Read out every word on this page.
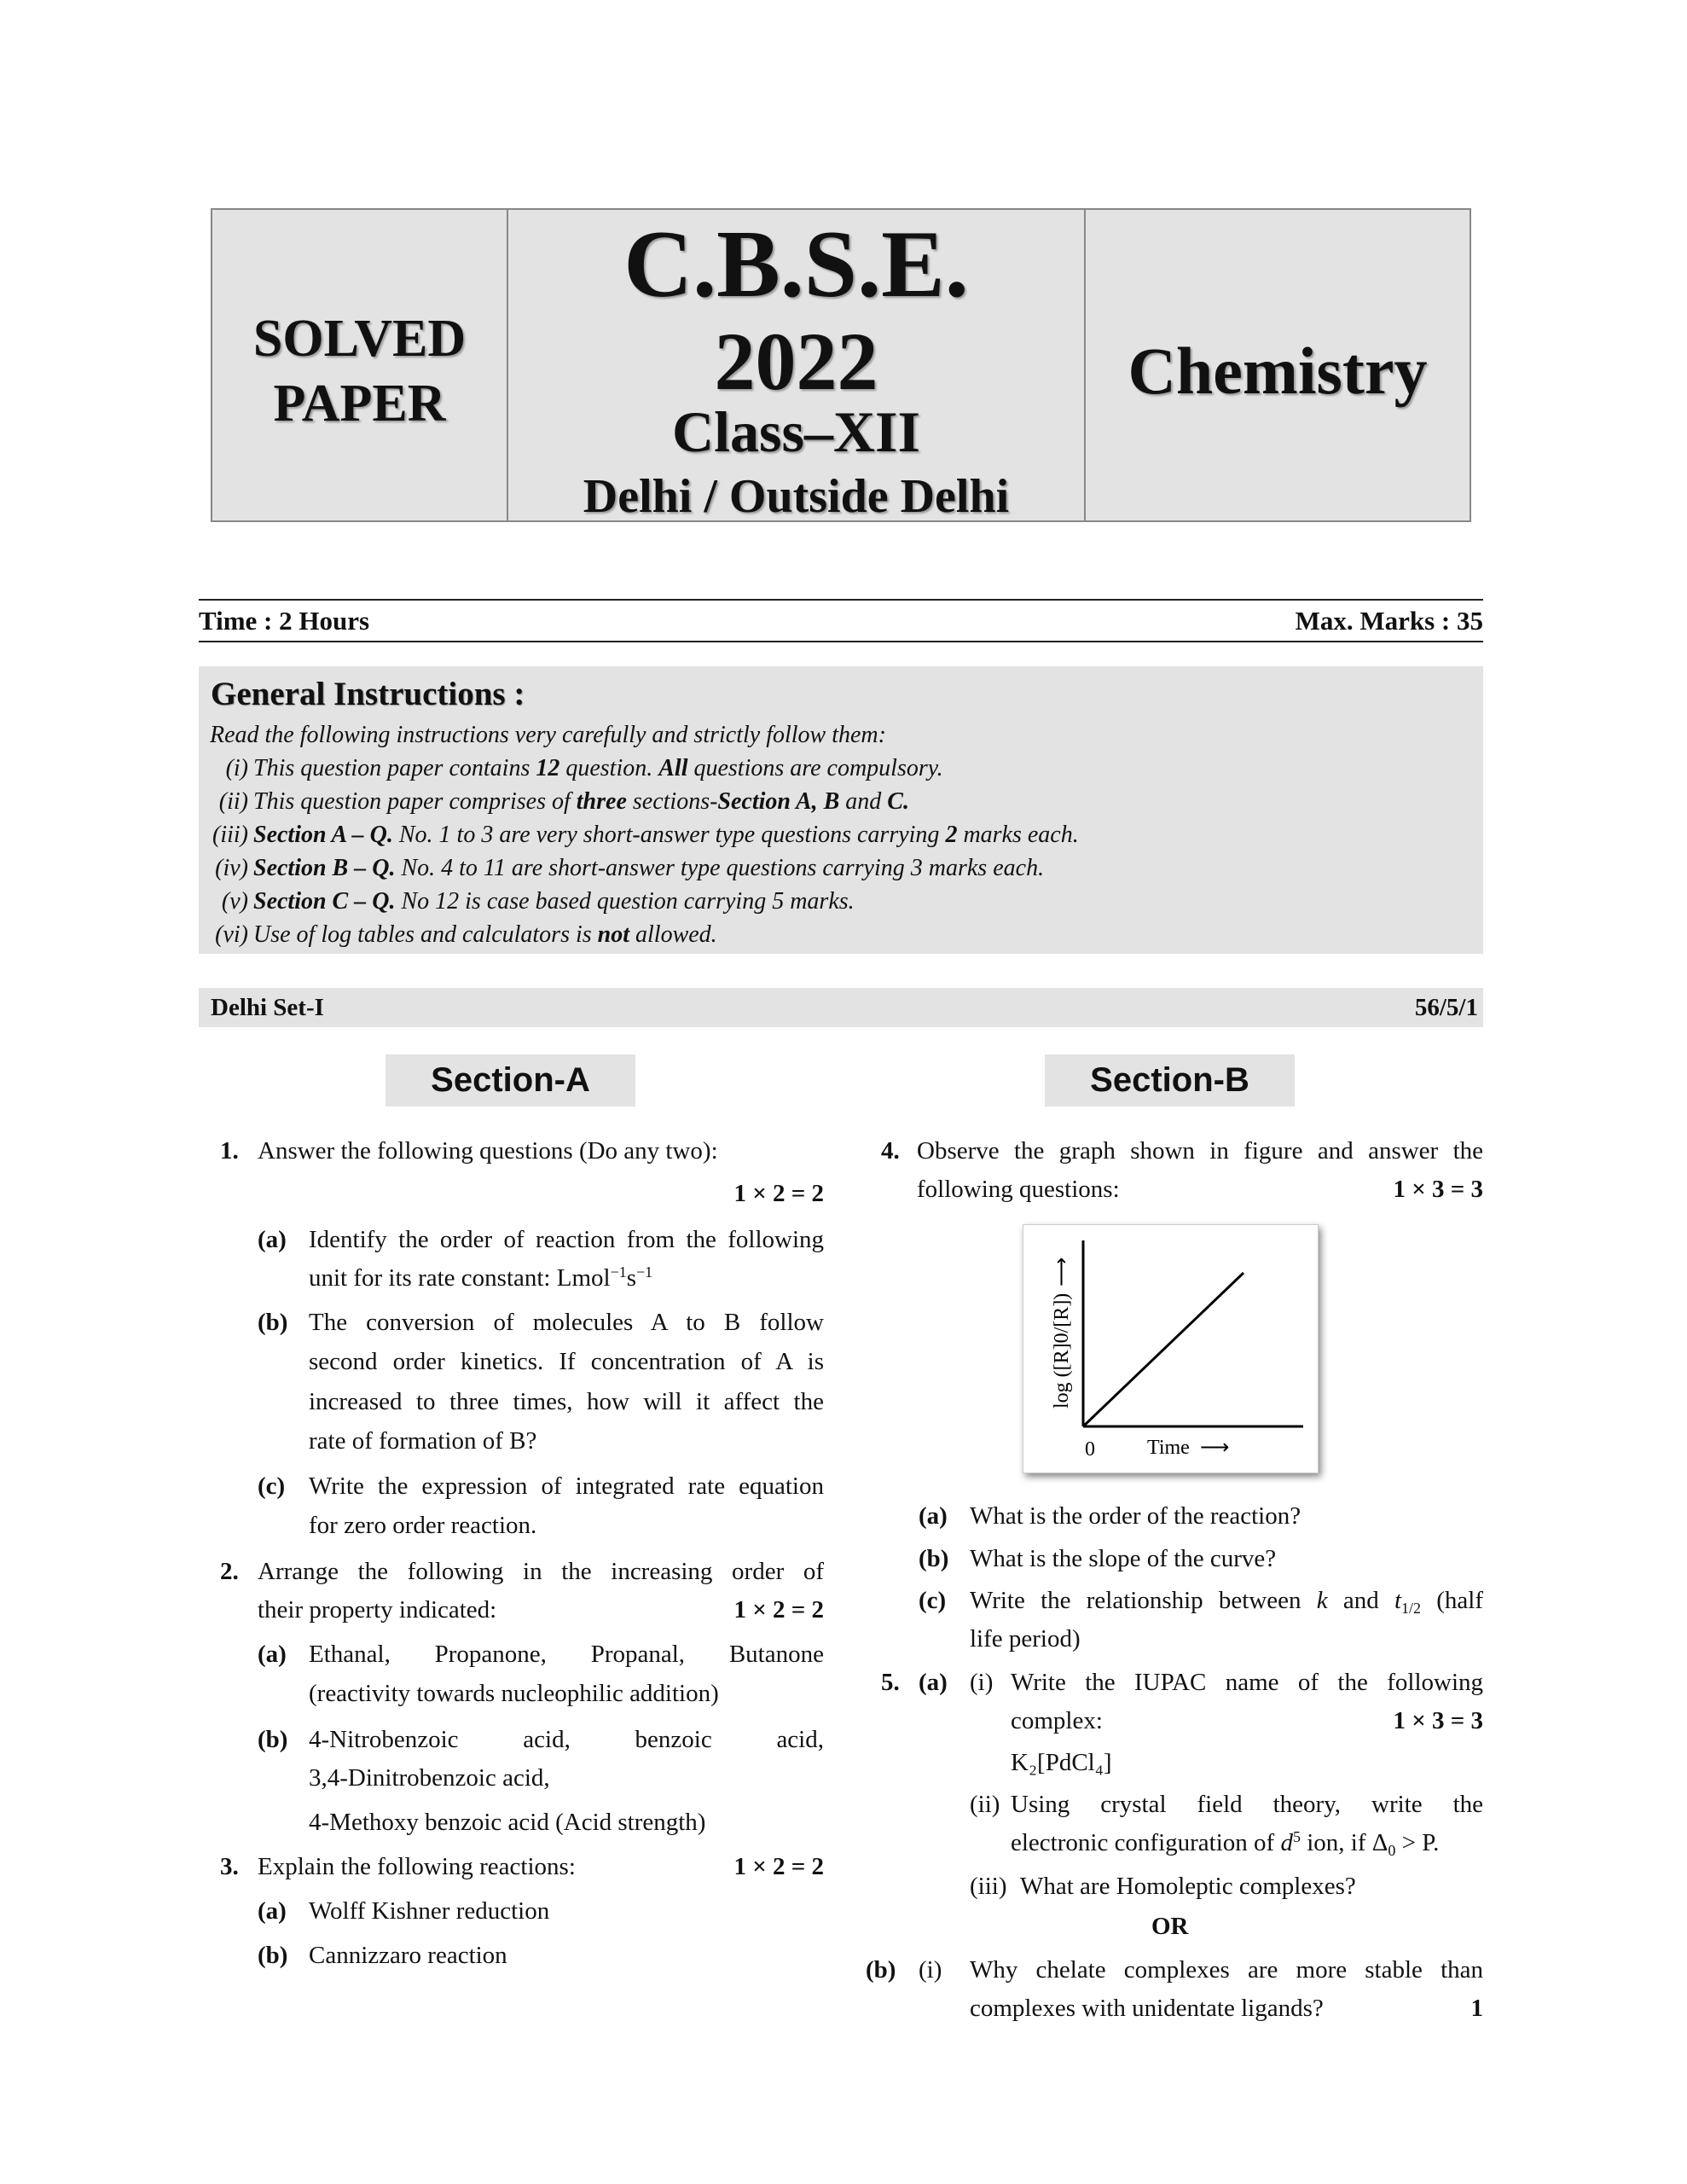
SOLVED
PAPER
C.B.S.E.
2022
Class–XII
Delhi / Outside Delhi
Chemistry
Time : 2 Hours	Max. Marks : 35
General Instructions :
Read the following instructions very carefully and strictly follow them:
(i) This question paper contains 12 question. All questions are compulsory.
(ii) This question paper comprises of three sections-Section A, B and C.
(iii) Section A – Q. No. 1 to 3 are very short-answer type questions carrying 2 marks each.
(iv) Section B – Q. No. 4 to 11 are short-answer type questions carrying 3 marks each.
(v) Section C – Q. No 12 is case based question carrying 5 marks.
(vi) Use of log tables and calculators is not allowed.
Delhi Set-I	56/5/1
Section-A	Section-B
1. Answer the following questions (Do any two):
1 × 2 = 2
(a) Identify the order of reaction from the following
unit for its rate constant: $Lmol^{-1}s^{-1}$
(b) The conversion of molecules A to B follow
second order kinetics. If concentration of A is
increased to three times, how will it affect the
rate of formation of B?
(c) Write the expression of integrated rate equation
for zero order reaction.
2. Arrange the following in the increasing order of
their property indicated:	1 × 2 = 2
(a) Ethanal, Propanone, Propanal, Butanone
(reactivity towards nucleophilic addition)
(b) 4-Nitrobenzoic acid, benzoic acid,
3,4-Dinitrobenzoic acid,
4-Methoxy benzoic acid (Acid strength)
3. Explain the following reactions:	1 × 2 = 2
(a) Wolff Kishner reduction
(b) Cannizzaro reaction
4. Observe the graph shown in figure and answer the
following questions:	1 × 3 = 3
0	Time ⟶
log ([R]0/[R])
⟶
(a) What is the order of the reaction?
(b) What is the slope of the curve?
(c) Write the relationship between k and $t_{1/2}$ (half
life period)
5. (a) (i) Write the IUPAC name of the following
complex:	1 × 3 = 3
K₂[PdCl₄]
(ii) Using crystal field theory, write the
electronic configuration of $d^5$ ion, if $\Delta_0 > P$.
(iii) What are Homoleptic complexes?
OR
(b) (i) Why chelate complexes are more stable than
complexes with unidentate ligands?	1
